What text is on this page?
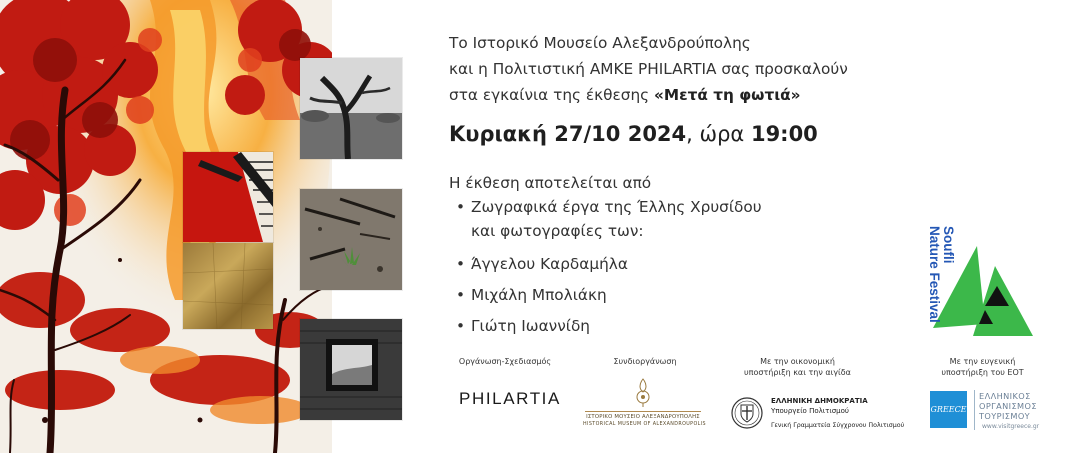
Το Ιστορικό Μουσείο Αλεξανδρούπολης
και η Πολιτιστική ΑΜΚΕ PHILARTIA σας προσκαλούν
στα εγκαίνια της έκθεσης «Μετά τη φωτιά»
Κυριακή 27/10 2024, ώρα 19:00
Η έκθεση αποτελείται από
• Ζωγραφικά έργα της Έλλης Χρυσίδου
και φωτογραφίες των:
• Άγγελου Καρδαμήλα
• Μιχάλη Μπολιάκη
• Γιώτη Ιωαννίδη
Soufli
Nature Festival
Οργάνωση-Σχεδιασμός	Συνδιοργάνωση	Με την οικονομική
υποστήριξη και την αιγίδα
Με την ευγενική
υποστήριξη του ΕΟΤ
PHILARTIA
ΙΣΤΟΡΙΚΟ ΜΟΥΣΕΙΟ ΑΛΕΞΑΝΔΡΟΥΠΟΛΗΣ
HISTORICAL MUSEUM OF ALEXANDROUPOLIS
ΕΛΛΗΝΙΚΗ ΔΗΜΟΚΡΑΤΙΑ
Υπουργείο Πολιτισμού
Γενική Γραμματεία Σύγχρονου Πολιτισμού
GREECE
ΕΛΛΗΝΙΚΟΣ
ΟΡΓΑΝΙΣΜΟΣ
ΤΟΥΡΙΣΜΟΥ
www.visitgreece.gr
